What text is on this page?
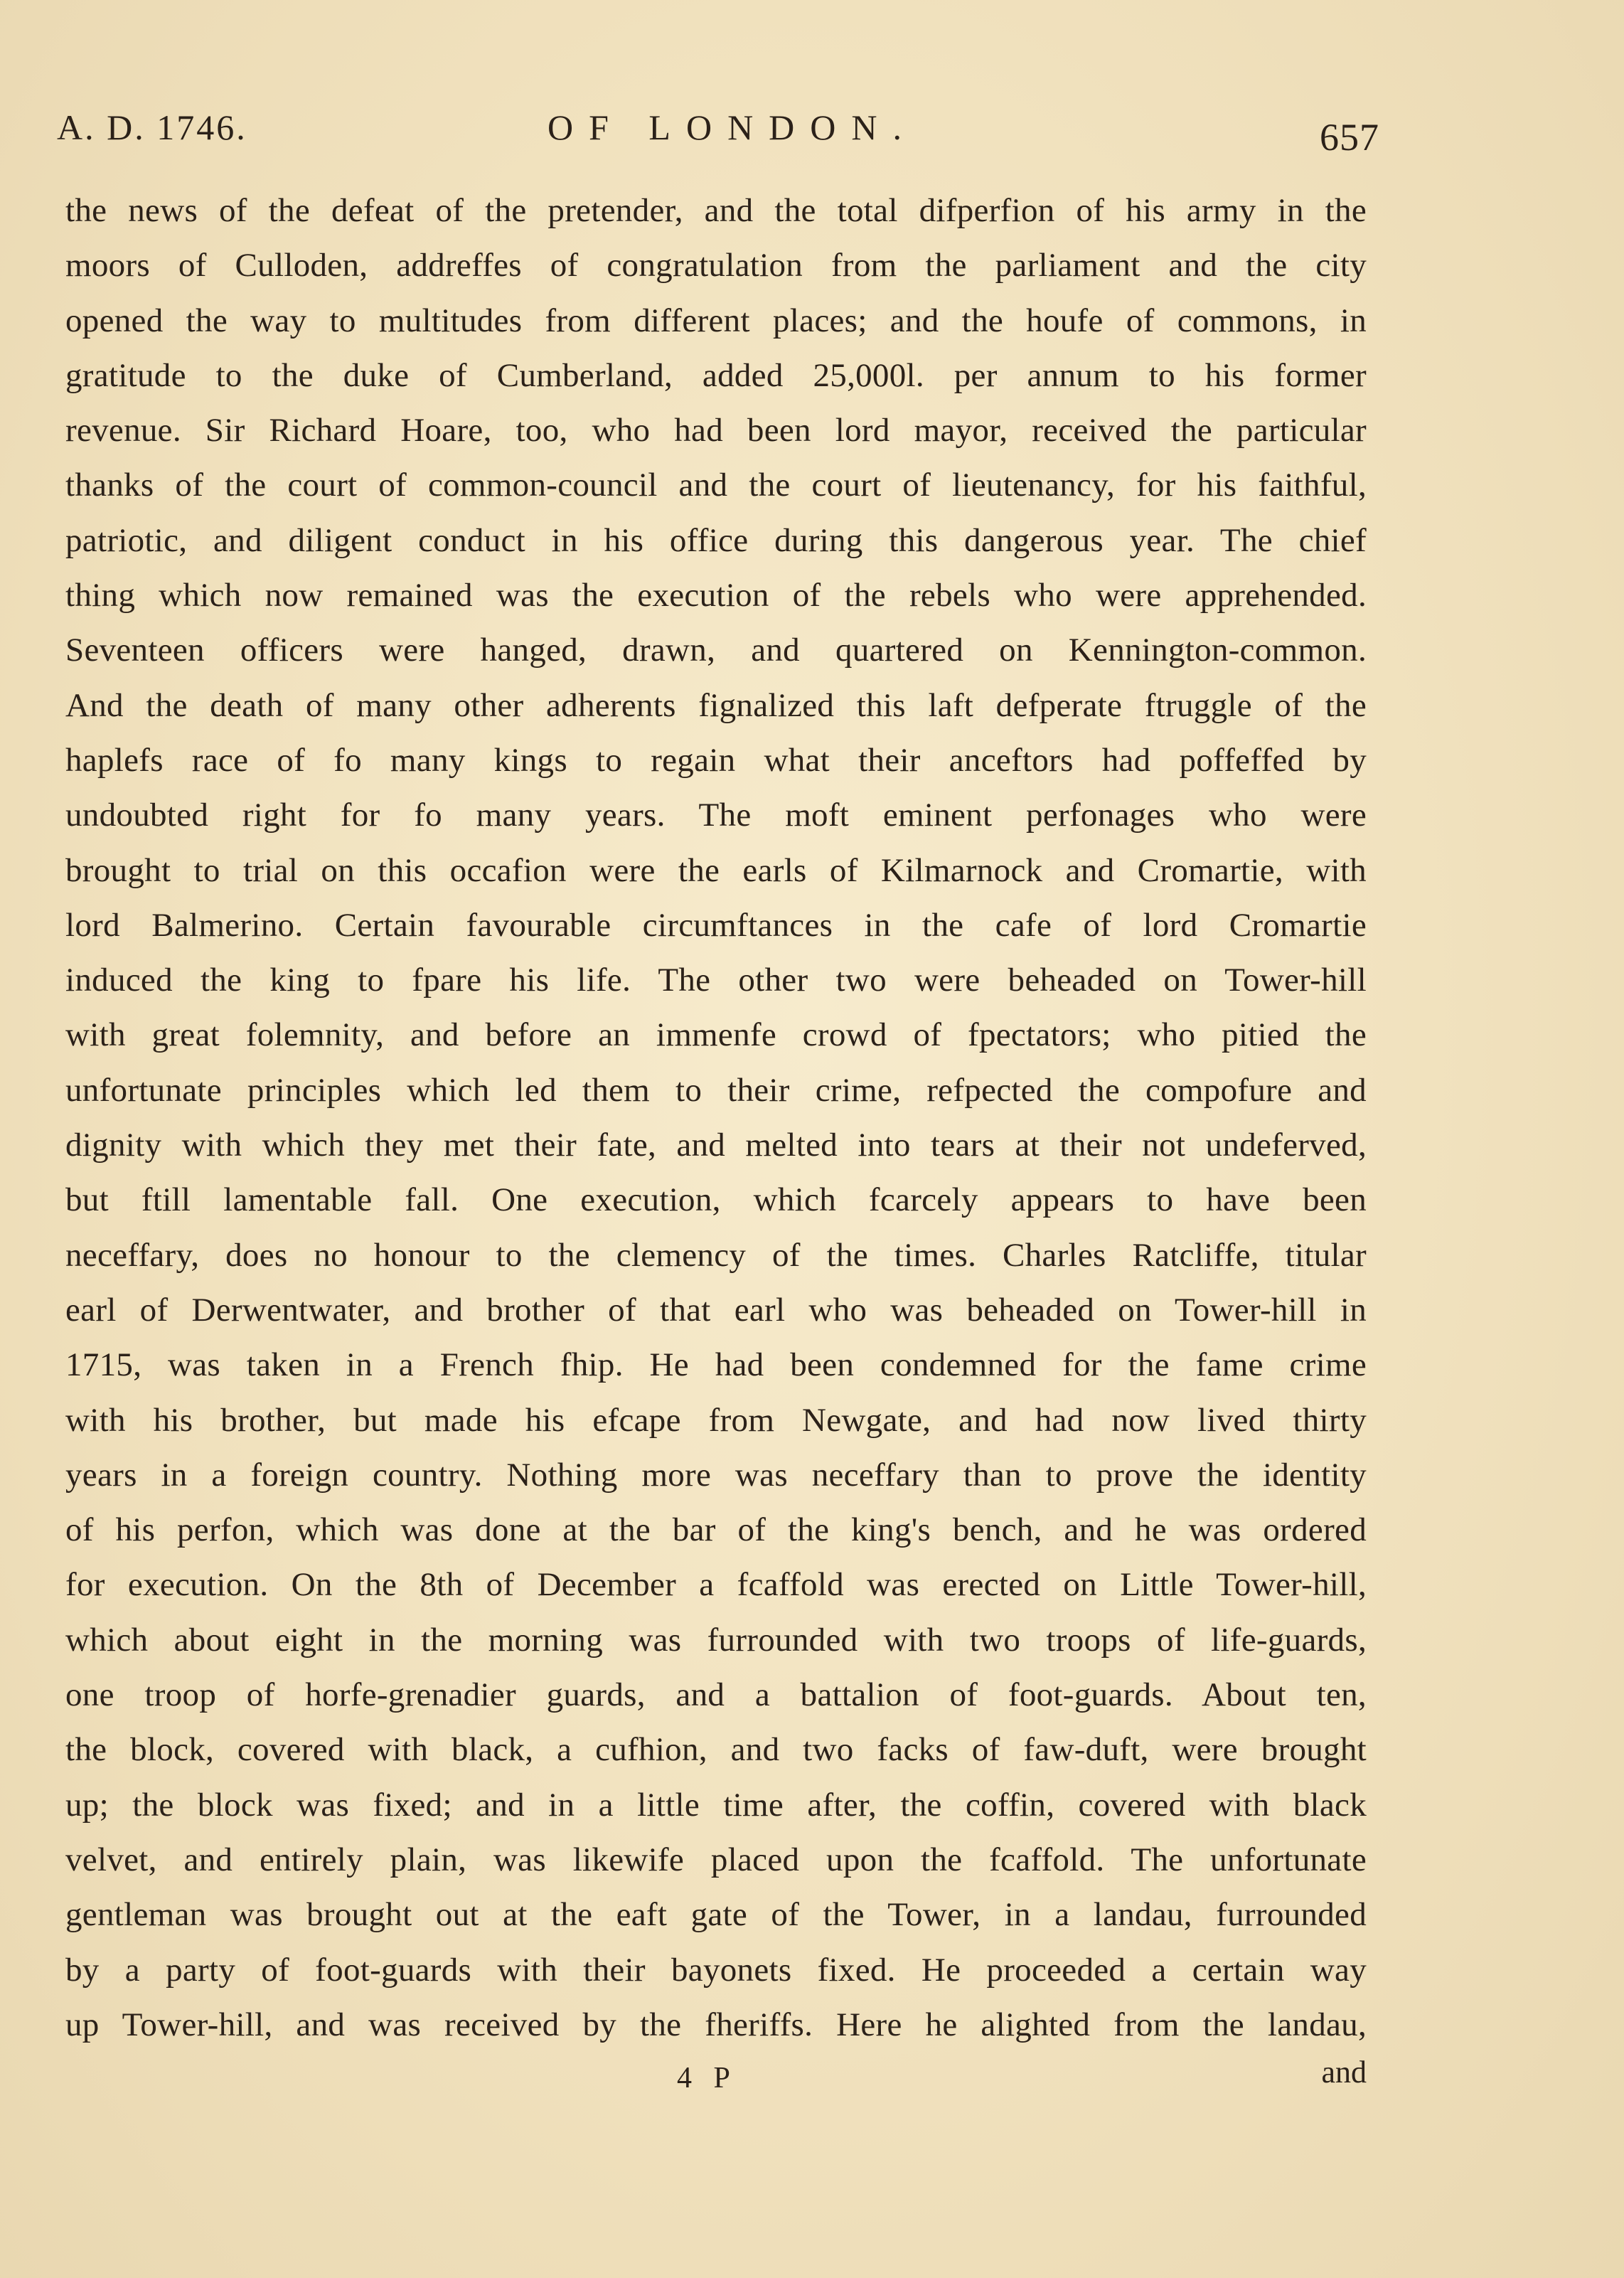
A. D. 1746.	OF LONDON.	657
the news of the defeat of the pretender, and the total difperfion of his army in the
moors of Culloden, addreffes of congratulation from the parliament and the city
opened the way to multitudes from different places; and the houfe of commons, in
gratitude to the duke of Cumberland, added 25,000l. per annum to his former
revenue. Sir Richard Hoare, too, who had been lord mayor, received the particular
thanks of the court of common-council and the court of lieutenancy, for his faithful,
patriotic, and diligent conduct in his office during this dangerous year. The chief
thing which now remained was the execution of the rebels who were apprehended.
Seventeen officers were hanged, drawn, and quartered on Kennington-common.
And the death of many other adherents fignalized this laft defperate ftruggle of the
haplefs race of fo many kings to regain what their anceftors had poffeffed by
undoubted right for fo many years. The moft eminent perfonages who were
brought to trial on this occafion were the earls of Kilmarnock and Cromartie, with
lord Balmerino. Certain favourable circumftances in the cafe of lord Cromartie
induced the king to fpare his life. The other two were beheaded on Tower-hill
with great folemnity, and before an immenfe crowd of fpectators; who pitied the
unfortunate principles which led them to their crime, refpected the compofure and
dignity with which they met their fate, and melted into tears at their not undeferved,
but ftill lamentable fall. One execution, which fcarcely appears to have been
neceffary, does no honour to the clemency of the times. Charles Ratcliffe, titular
earl of Derwentwater, and brother of that earl who was beheaded on Tower-hill in
1715, was taken in a French fhip. He had been condemned for the fame crime
with his brother, but made his efcape from Newgate, and had now lived thirty
years in a foreign country. Nothing more was neceffary than to prove the identity
of his perfon, which was done at the bar of the king's bench, and he was ordered
for execution. On the 8th of December a fcaffold was erected on Little Tower-hill,
which about eight in the morning was furrounded with two troops of life-guards,
one troop of horfe-grenadier guards, and a battalion of foot-guards. About ten,
the block, covered with black, a cufhion, and two facks of faw-duft, were brought
up; the block was fixed; and in a little time after, the coffin, covered with black
velvet, and entirely plain, was likewife placed upon the fcaffold. The unfortunate
gentleman was brought out at the eaft gate of the Tower, in a landau, furrounded
by a party of foot-guards with their bayonets fixed. He proceeded a certain way
up Tower-hill, and was received by the fheriffs. Here he alighted from the landau,
4 P	and
